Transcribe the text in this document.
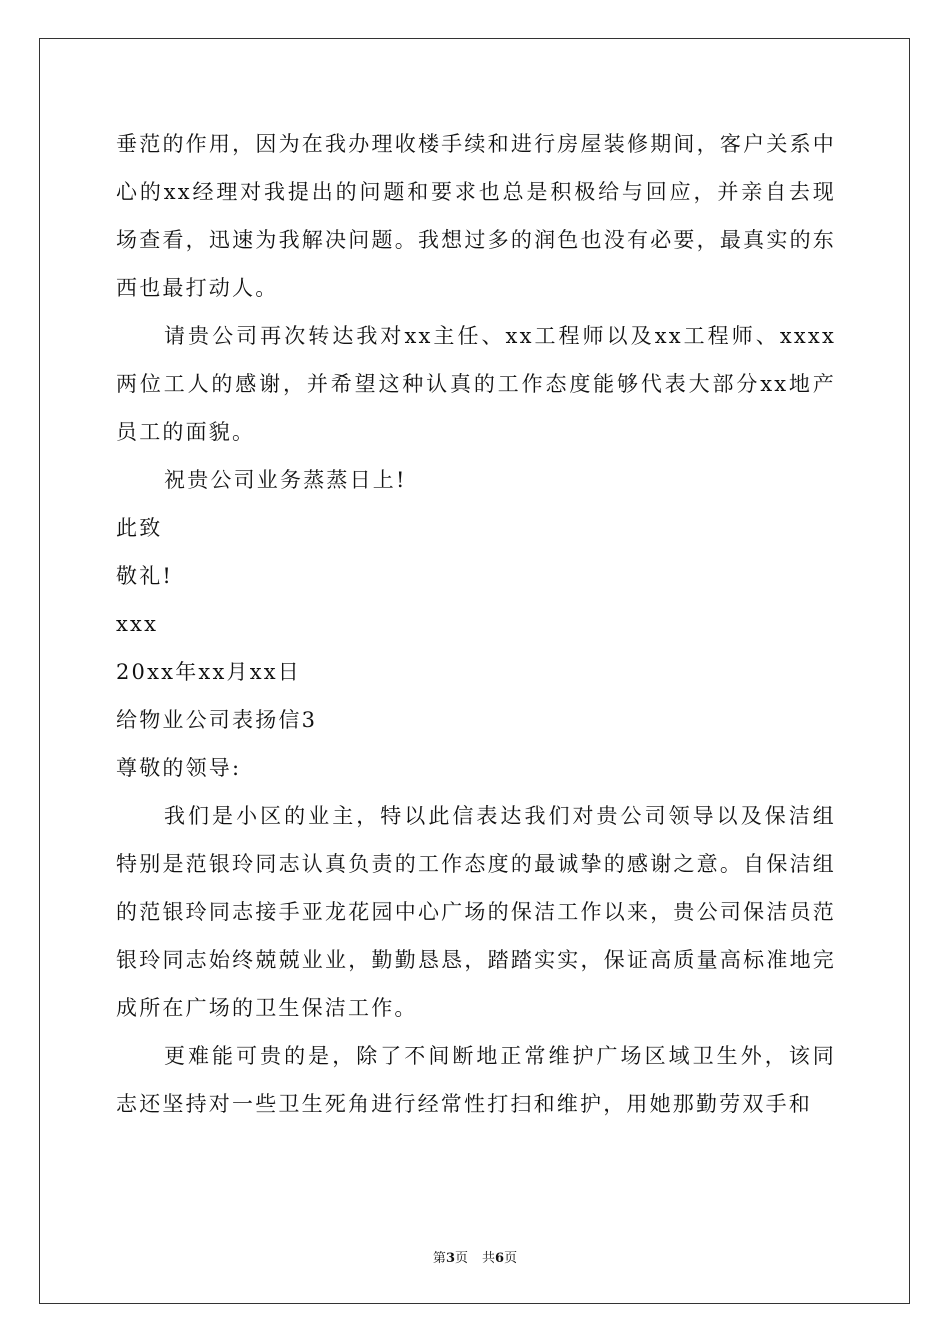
垂范的作用，因为在我办理收楼手续和进行房屋装修期间，客户关系中心的xx经理对我提出的问题和要求也总是积极给与回应，并亲自去现场查看，迅速为我解决问题。我想过多的润色也没有必要，最真实的东西也最打动人。

请贵公司再次转达我对xx主任、xx工程师以及xx工程师、xxxx两位工人的感谢，并希望这种认真的工作态度能够代表大部分xx地产员工的面貌。

祝贵公司业务蒸蒸日上!

此致

敬礼!

xxx

20xx年xx月xx日

给物业公司表扬信3

尊敬的领导:

我们是小区的业主，特以此信表达我们对贵公司领导以及保洁组特别是范银玲同志认真负责的工作态度的最诚挚的感谢之意。自保洁组的范银玲同志接手亚龙花园中心广场的保洁工作以来，贵公司保洁员范银玲同志始终兢兢业业，勤勤恳恳，踏踏实实，保证高质量高标准地完成所在广场的卫生保洁工作。

更难能可贵的是，除了不间断地正常维护广场区域卫生外，该同志还坚持对一些卫生死角进行经常性打扫和维护，用她那勤劳双手和

第3页 共6页
